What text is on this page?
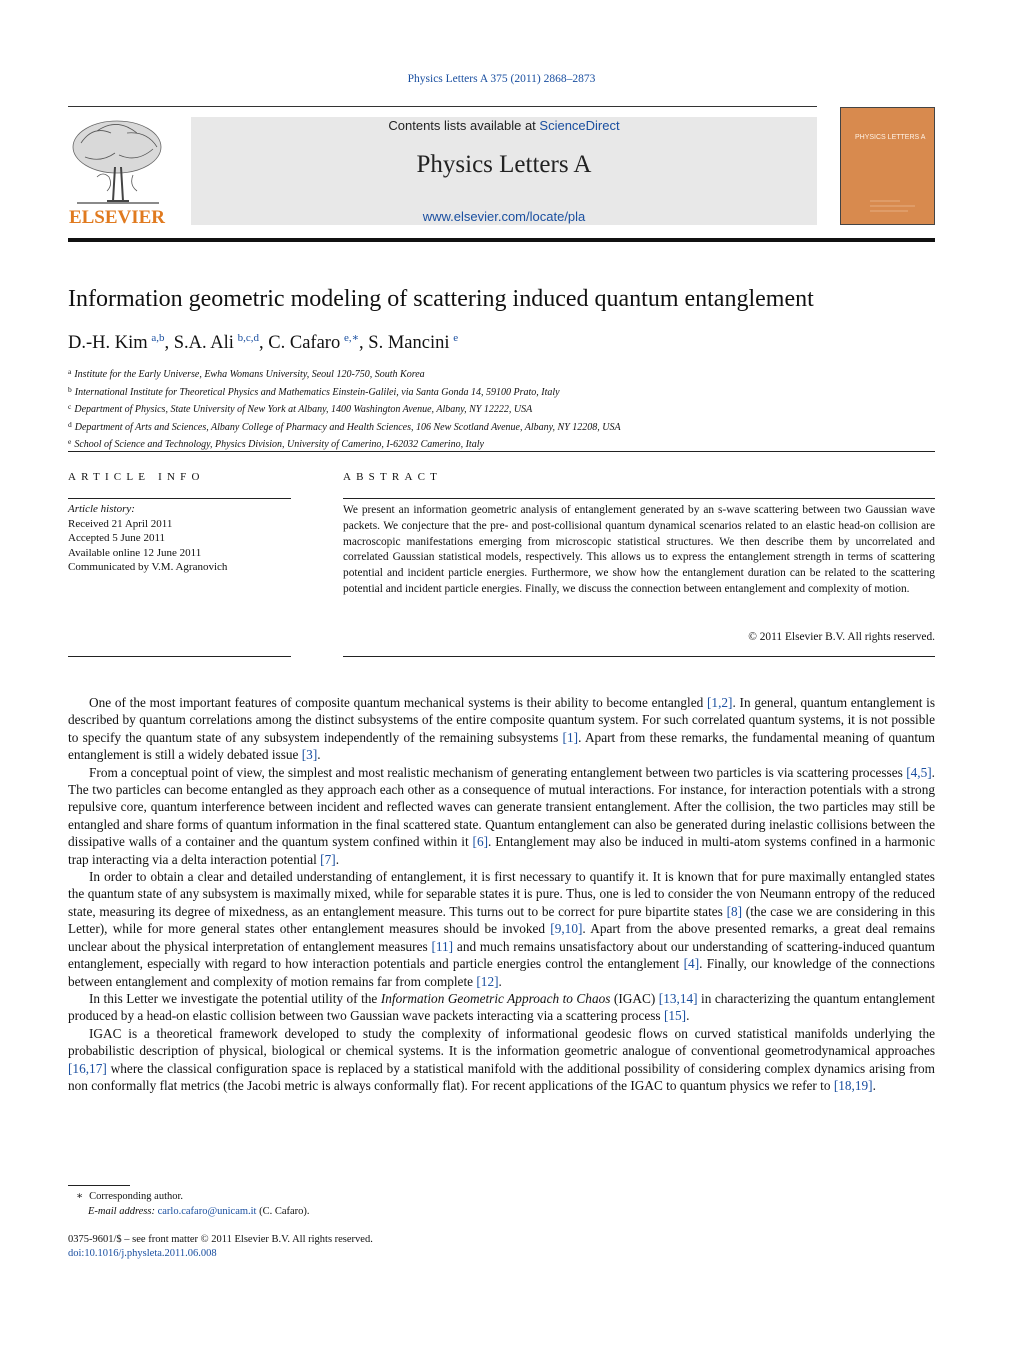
Physics Letters A 375 (2011) 2868–2873
ELSEVIER
Contents lists available at ScienceDirect
Physics Letters A
www.elsevier.com/locate/pla
PHYSICS LETTERS A
Information geometric modeling of scattering induced quantum entanglement
D.-H. Kim  $^{a,b}$, S.A. Ali  $^{b,c,d}$, C. Cafaro  $^{e,∗}$, S. Mancini  $^e$
$^a$ Institute for the Early Universe, Ewha Womans University, Seoul 120-750, South Korea
$^b$ International Institute for Theoretical Physics and Mathematics Einstein-Galilei, via Santa Gonda 14, 59100 Prato, Italy
$^c$ Department of Physics, State University of New York at Albany, 1400 Washington Avenue, Albany, NY 12222, USA
$^d$ Department of Arts and Sciences, Albany College of Pharmacy and Health Sciences, 106 New Scotland Avenue, Albany, NY 12208, USA
$^e$ School of Science and Technology, Physics Division, University of Camerino, I-62032 Camerino, Italy
ARTICLE INFO
Article history:
Received 21 April 2011
Accepted 5 June 2011
Available online 12 June 2011
Communicated by V.M. Agranovich
ABSTRACT
We present an information geometric analysis of entanglement generated by an s-wave scattering between two Gaussian wave packets. We conjecture that the pre- and post-collisional quantum dynamical scenarios related to an elastic head-on collision are macroscopic manifestations emerging from microscopic statistical structures. We then describe them by uncorrelated and correlated Gaussian statistical models, respectively. This allows us to express the entanglement strength in terms of scattering potential and incident particle energies. Furthermore, we show how the entanglement duration can be related to the scattering potential and incident particle energies. Finally, we discuss the connection between entanglement and complexity of motion.
© 2011 Elsevier B.V. All rights reserved.

One of the most important features of composite quantum mechanical systems is their ability to become entangled [1,2]. In general, quantum entanglement is described by quantum correlations among the distinct subsystems of the entire composite quantum system. For such correlated quantum systems, it is not possible to specify the quantum state of any subsystem independently of the remaining subsystems [1]. Apart from these remarks, the fundamental meaning of quantum entanglement is still a widely debated issue [3].

From a conceptual point of view, the simplest and most realistic mechanism of generating entanglement between two particles is via scattering processes [4,5]. The two particles can become entangled as they approach each other as a consequence of mutual interactions. For instance, for interaction potentials with a strong repulsive core, quantum interference between incident and reflected waves can generate transient entanglement. After the collision, the two particles may still be entangled and share forms of quantum information in the final scattered state. Quantum entanglement can also be generated during inelastic collisions between the dissipative walls of a container and the quantum system confined within it [6]. Entanglement may also be induced in multi-atom systems confined in a harmonic trap interacting via a delta interaction potential [7].

In order to obtain a clear and detailed understanding of entanglement, it is first necessary to quantify it. It is known that for pure maximally entangled states the quantum state of any subsystem is maximally mixed, while for separable states it is pure. Thus, one is led to consider the von Neumann entropy of the reduced state, measuring its degree of mixedness, as an entanglement measure. This turns out to be correct for pure bipartite states [8] (the case we are considering in this Letter), while for more general states other entanglement measures should be invoked [9,10]. Apart from the above presented remarks, a great deal remains unclear about the physical interpretation of entanglement measures [11] and much remains unsatisfactory about our understanding of scattering-induced quantum entanglement, especially with regard to how interaction potentials and particle energies control the entanglement [4]. Finally, our knowledge of the connections between entanglement and complexity of motion remains far from complete [12].

In this Letter we investigate the potential utility of the Information Geometric Approach to Chaos (IGAC) [13,14] in characterizing the quantum entanglement produced by a head-on elastic collision between two Gaussian wave packets interacting via a scattering process [15].

IGAC is a theoretical framework developed to study the complexity of informational geodesic flows on curved statistical manifolds underlying the probabilistic description of physical, biological or chemical systems. It is the information geometric analogue of conventional geometrodynamical approaches [16,17] where the classical configuration space is replaced by a statistical manifold with the additional possibility of considering complex dynamics arising from non conformally flat metrics (the Jacobi metric is always conformally flat). For recent applications of the IGAC to quantum physics we refer to [18,19].

∗ Corresponding author.
E-mail address: carlo.cafaro@unicam.it (C. Cafaro).
0375-9601/$ – see front matter © 2011 Elsevier B.V. All rights reserved.
doi:10.1016/j.physleta.2011.06.008
